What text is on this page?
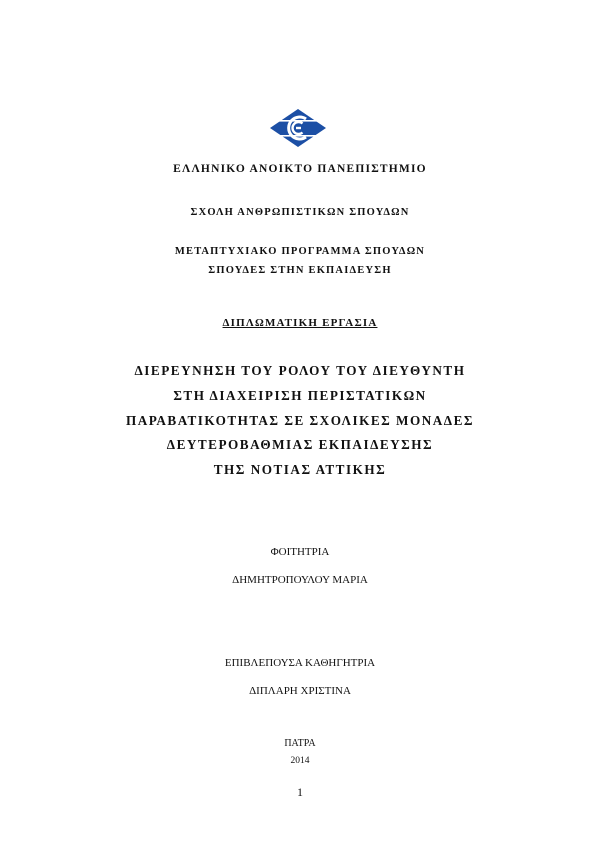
ΕΛΛΗΝΙΚΟ ΑΝΟΙΚΤΟ ΠΑΝΕΠΙΣΤΗΜΙΟ
ΣΧΟΛΗ ΑΝΘΡΩΠΙΣΤΙΚΩΝ ΣΠΟΥΔΩΝ
ΜΕΤΑΠΤΥΧΙΑΚΟ ΠΡΟΓΡΑΜΜΑ ΣΠΟΥΔΩΝ
ΣΠΟΥΔΕΣ ΣΤΗΝ ΕΚΠΑΙΔΕΥΣΗ
ΔΙΠΛΩΜΑΤΙΚΗ ΕΡΓΑΣΙΑ
ΔΙΕΡΕΥΝΗΣΗ ΤΟΥ ΡΟΛΟΥ ΤΟΥ ΔΙΕΥΘΥΝΤΗ
ΣΤΗ ΔΙΑΧΕΙΡΙΣΗ ΠΕΡΙΣΤΑΤΙΚΩΝ
ΠΑΡΑΒΑΤΙΚΟΤΗΤΑΣ ΣΕ ΣΧΟΛΙΚΕΣ ΜΟΝΑΔΕΣ
ΔΕΥΤΕΡΟΒΑΘΜΙΑΣ ΕΚΠΑΙΔΕΥΣΗΣ
ΤΗΣ ΝΟΤΙΑΣ ΑΤΤΙΚΗΣ
ΦΟΙΤΗΤΡΙΑ
ΔΗΜΗΤΡΟΠΟΥΛΟΥ ΜΑΡΙΑ
ΕΠΙΒΛΕΠΟΥΣΑ ΚΑΘΗΓΗΤΡΙΑ
ΔΙΠΛΑΡΗ ΧΡΙΣΤΙΝΑ
ΠΑΤΡΑ
2014
1
